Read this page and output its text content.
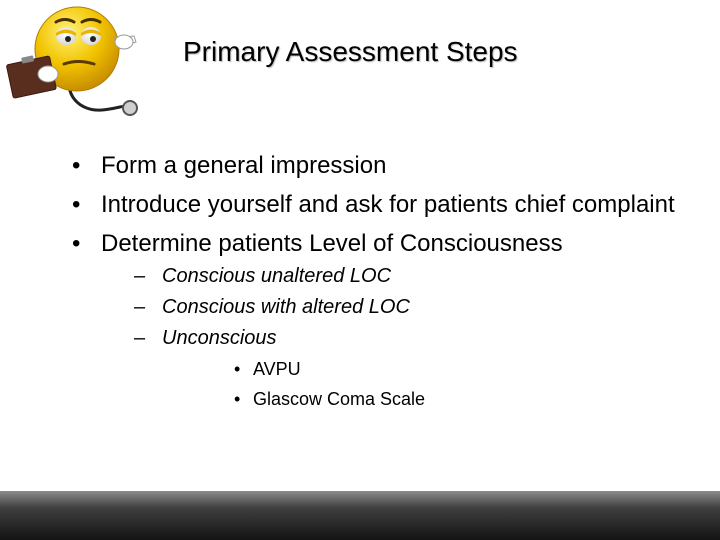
Primary Assessment Steps
• Form a general impression
• Introduce yourself and ask for patients chief complaint
• Determine patients Level of Consciousness
– Conscious unaltered LOC
– Conscious with altered LOC
– Unconscious
• AVPU
• Glascow Coma Scale
